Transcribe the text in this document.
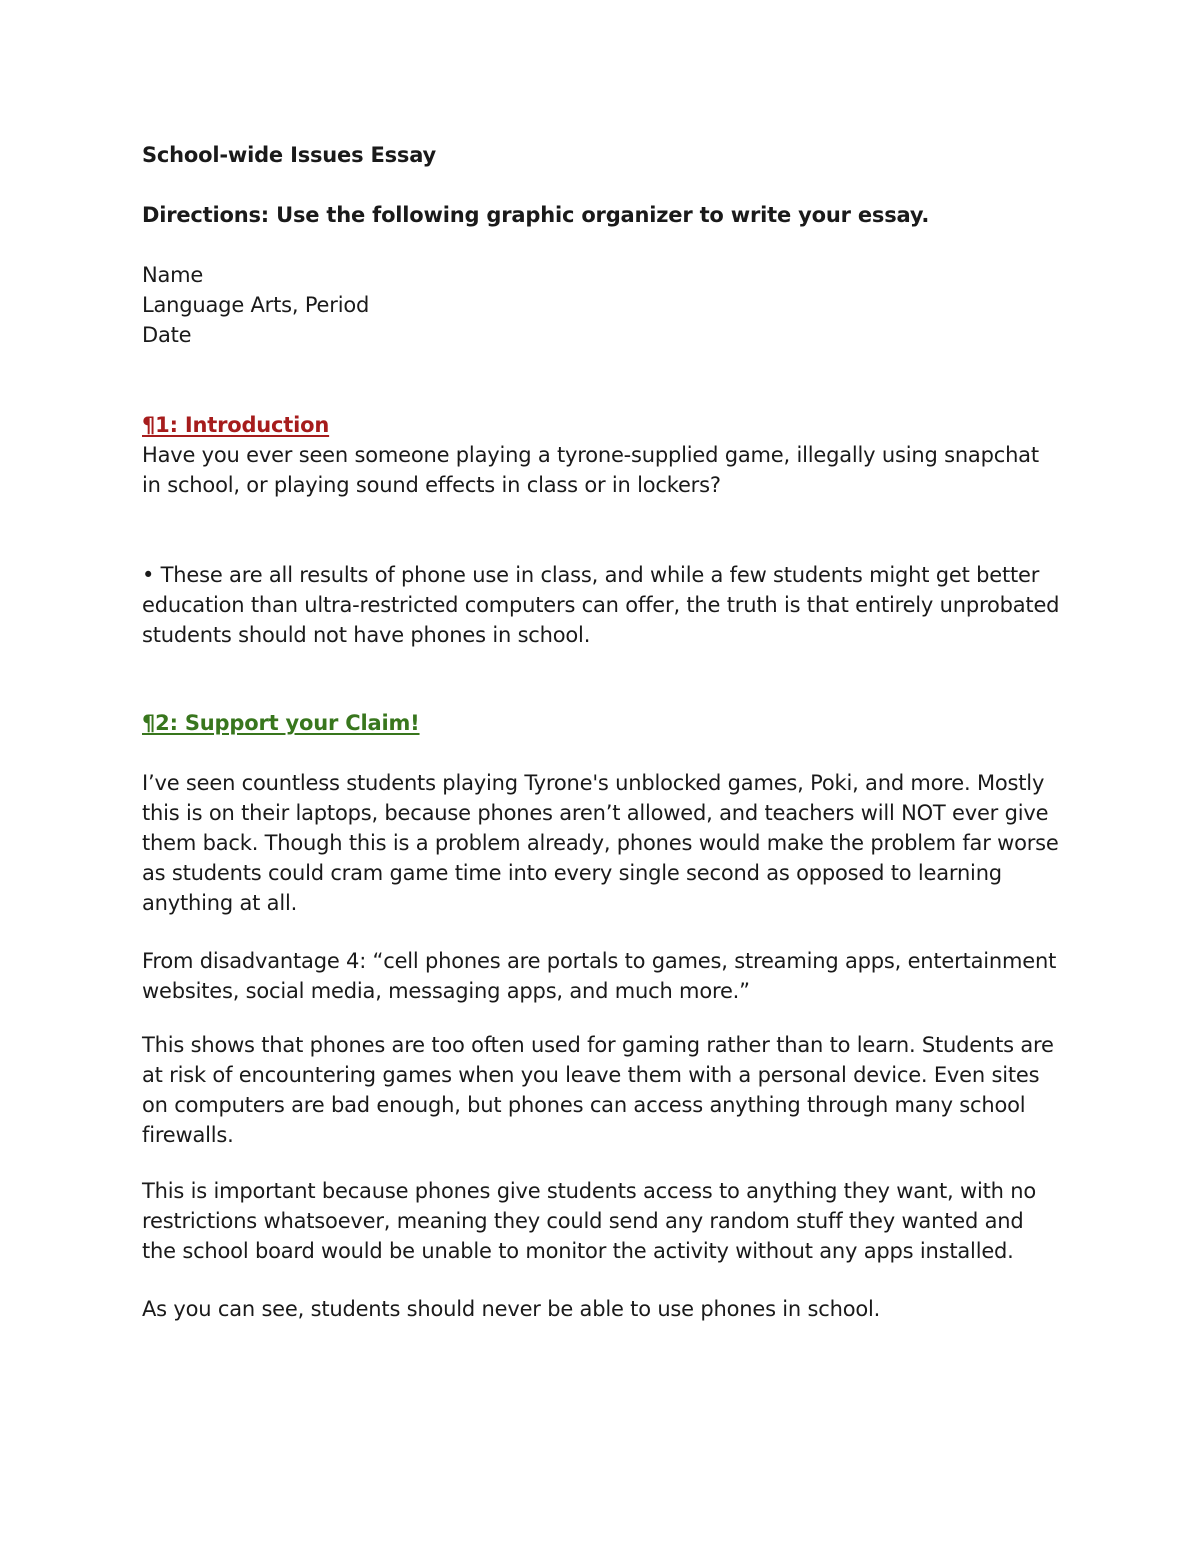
School-wide Issues Essay

Directions: Use the following graphic organizer to write your essay.

Name

Language Arts, Period

Date

¶1: Introduction

Have you ever seen someone playing a tyrone-supplied game, illegally using snapchat in school, or playing sound effects in class or in lockers?

• These are all results of phone use in class, and while a few students might get better education than ultra-restricted computers can offer, the truth is that entirely unprobated students should not have phones in school.

¶2: Support your Claim!

I’ve seen countless students playing Tyrone's unblocked games, Poki, and more. Mostly this is on their laptops, because phones aren’t allowed, and teachers will NOT ever give them back. Though this is a problem already, phones would make the problem far worse as students could cram game time into every single second as opposed to learning anything at all.

From disadvantage 4: “cell phones are portals to games, streaming apps, entertainment websites, social media, messaging apps, and much more.”

This shows that phones are too often used for gaming rather than to learn. Students are at risk of encountering games when you leave them with a personal device. Even sites on computers are bad enough, but phones can access anything through many school firewalls.

This is important because phones give students access to anything they want, with no restrictions whatsoever, meaning they could send any random stuff they wanted and the school board would be unable to monitor the activity without any apps installed.

As you can see, students should never be able to use phones in school.
